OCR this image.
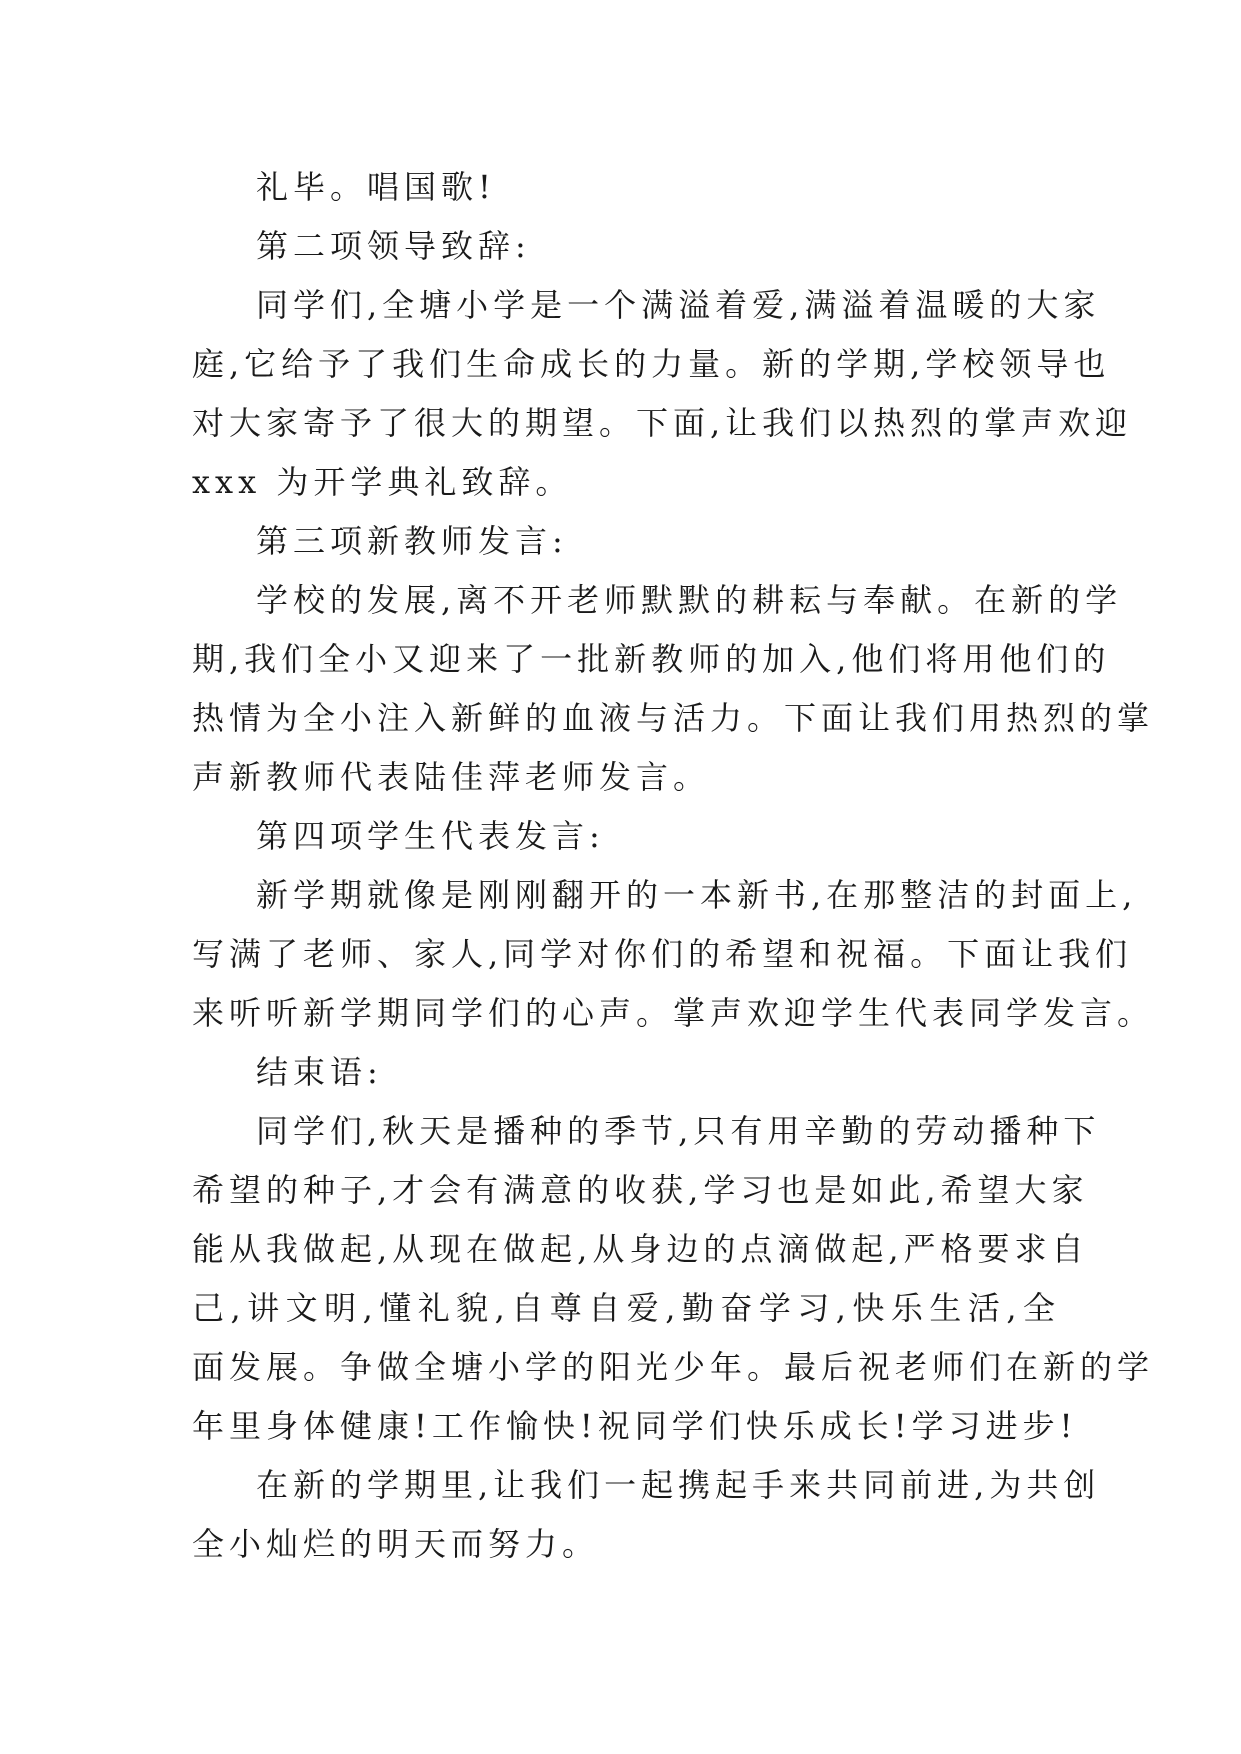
礼毕。唱国歌!
第二项领导致辞:
同学们,全塘小学是一个满溢着爱,满溢着温暖的大家
庭,它给予了我们生命成长的力量。新的学期,学校领导也
对大家寄予了很大的期望。下面,让我们以热烈的掌声欢迎
xxx 为开学典礼致辞。
第三项新教师发言:
学校的发展,离不开老师默默的耕耘与奉献。在新的学
期,我们全小又迎来了一批新教师的加入,他们将用他们的
热情为全小注入新鲜的血液与活力。下面让我们用热烈的掌
声新教师代表陆佳萍老师发言。
第四项学生代表发言:
新学期就像是刚刚翻开的一本新书,在那整洁的封面上,
写满了老师、家人,同学对你们的希望和祝福。下面让我们
来听听新学期同学们的心声。掌声欢迎学生代表同学发言。
结束语:
同学们,秋天是播种的季节,只有用辛勤的劳动播种下
希望的种子,才会有满意的收获,学习也是如此,希望大家
能从我做起,从现在做起,从身边的点滴做起,严格要求自
己,讲文明,懂礼貌,自尊自爱,勤奋学习,快乐生活,全
面发展。争做全塘小学的阳光少年。最后祝老师们在新的学
年里身体健康!工作愉快!祝同学们快乐成长!学习进步!
在新的学期里,让我们一起携起手来共同前进,为共创
全小灿烂的明天而努力。
